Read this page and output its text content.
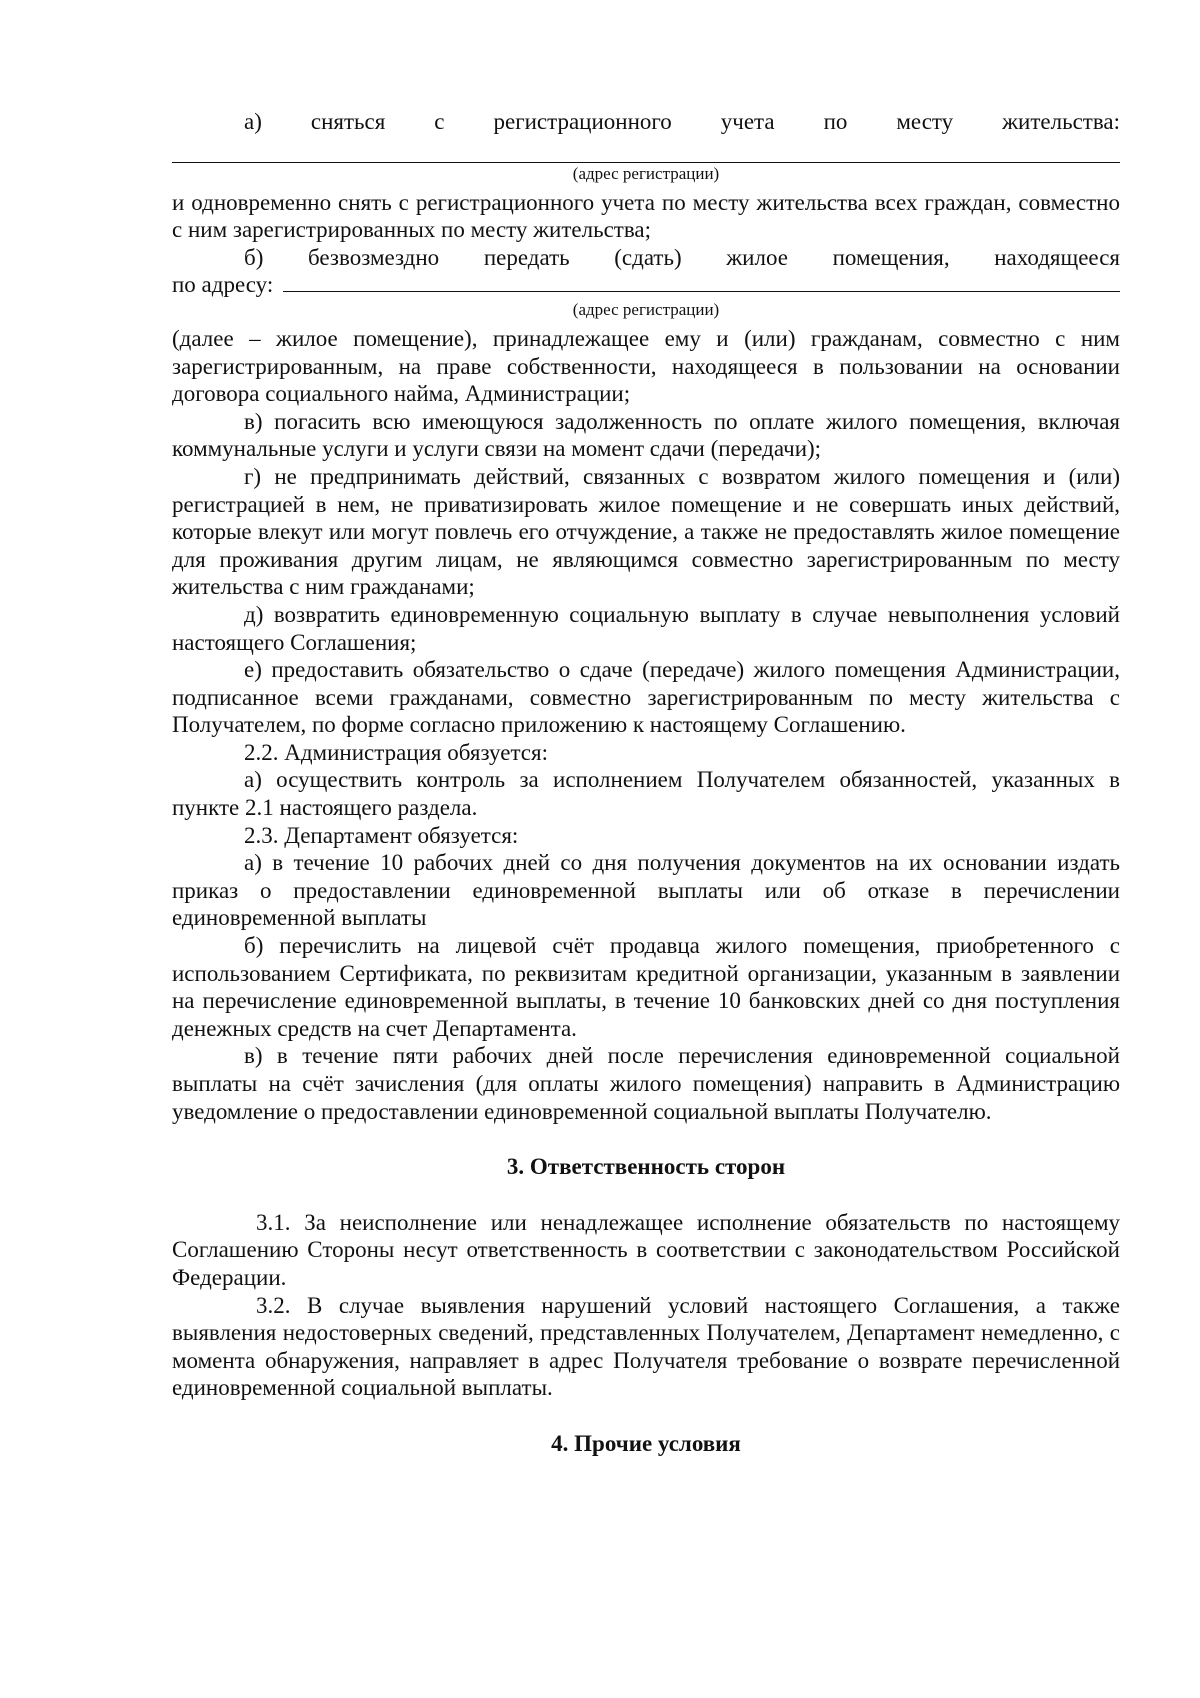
а) сняться с регистрационного учета по месту жительства:

(адрес регистрации)

и одновременно снять с регистрационного учета по месту жительства всех граждан, совместно с ним зарегистрированных по месту жительства;

б) безвозмездно передать (сдать) жилое помещения, находящееся
по адресу:

(адрес регистрации)

(далее – жилое помещение), принадлежащее ему и (или) гражданам, совместно с ним зарегистрированным, на праве собственности, находящееся в пользовании на основании договора социального найма, Администрации;

в) погасить всю имеющуюся задолженность по оплате жилого помещения, включая коммунальные услуги и услуги связи на момент сдачи (передачи);

г) не предпринимать действий, связанных с возвратом жилого помещения и (или) регистрацией в нем, не приватизировать жилое помещение и не совершать иных действий, которые влекут или могут повлечь его отчуждение, а также не предоставлять жилое помещение для проживания другим лицам, не являющимся совместно зарегистрированным по месту жительства с ним гражданами;

д) возвратить единовременную социальную выплату в случае невыполнения условий настоящего Соглашения;

е) предоставить обязательство о сдаче (передаче) жилого помещения Администрации, подписанное всеми гражданами, совместно зарегистрированным по месту жительства с Получателем, по форме согласно приложению к настоящему Соглашению.

2.2. Администрация обязуется:

а) осуществить контроль за исполнением Получателем обязанностей, указанных в пункте 2.1 настоящего раздела.

2.3. Департамент обязуется:

а) в течение 10 рабочих дней со дня получения документов на их основании издать приказ о предоставлении единовременной выплаты или об отказе в перечислении единовременной выплаты

б) перечислить на лицевой счёт продавца жилого помещения, приобретенного с использованием Сертификата, по реквизитам кредитной организации, указанным в заявлении на перечисление единовременной выплаты, в течение 10 банковских дней со дня поступления денежных средств на счет Департамента.

в) в течение пяти рабочих дней после перечисления единовременной социальной выплаты на счёт зачисления (для оплаты жилого помещения) направить в Администрацию уведомление о предоставлении единовременной социальной выплаты Получателю.

3. Ответственность сторон

3.1. За неисполнение или ненадлежащее исполнение обязательств по настоящему Соглашению Стороны несут ответственность в соответствии с законодательством Российской Федерации.

3.2. В случае выявления нарушений условий настоящего Соглашения, а также выявления недостоверных сведений, представленных Получателем, Департамент немедленно, с момента обнаружения, направляет в адрес Получателя требование о возврате перечисленной единовременной социальной выплаты.

4. Прочие условия
